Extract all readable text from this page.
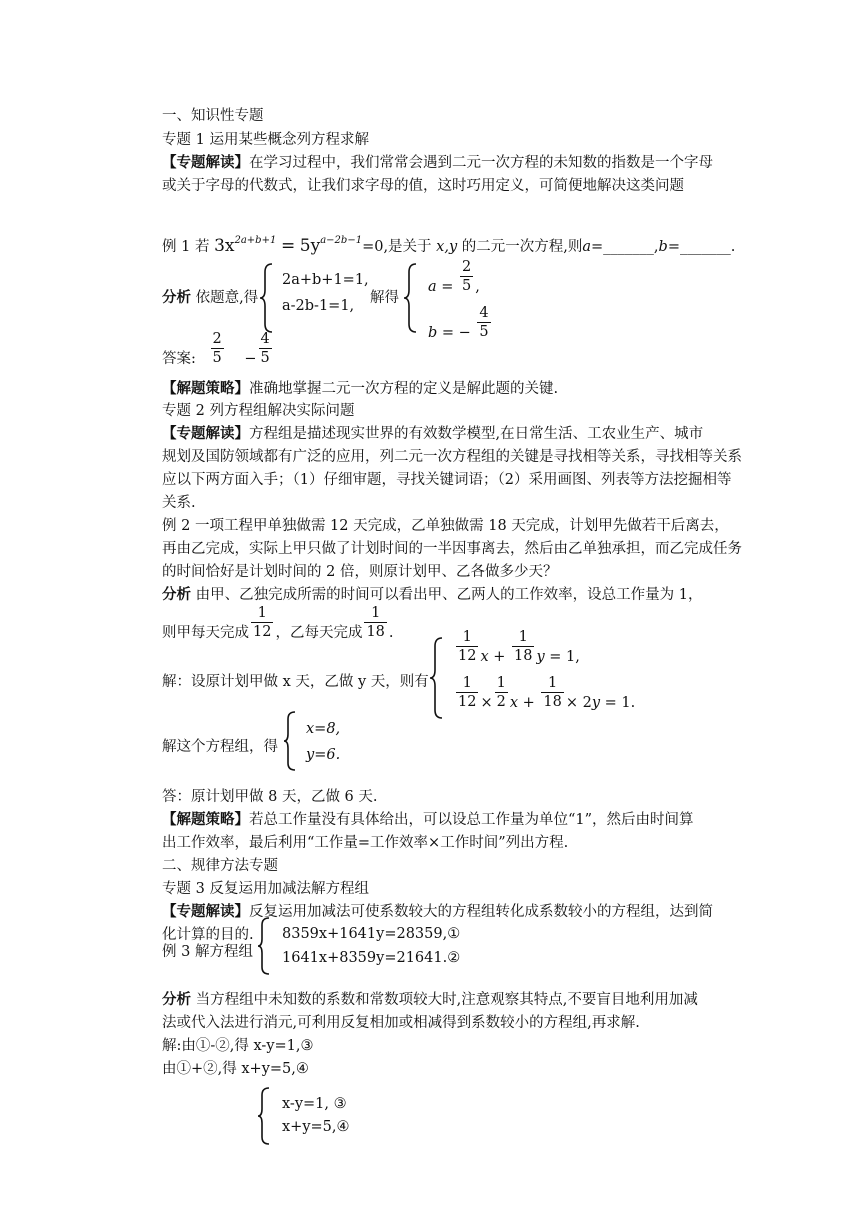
一、知识性专题
专题 1 运用某些概念列方程求解
【专题解读】在学习过程中，我们常常会遇到二元一次方程的未知数的指数是一个字母
或关于字母的代数式，让我们求字母的值，这时巧用定义，可简便地解决这类问题
例 1 若 $3x^{2a+b+1} = 5y^{a-2b-1}=0$,是关于 x,y 的二元一次方程,则a=_______,b=_______.
分析 依题意,得
2a+b+1=1,
a-2b-1=1, 解得
$a = \frac{2}{5}$ ,
b = − $\frac{4}{5}$
答案: $\frac{2}{5} - \frac{4}{5}$
【解题策略】准确地掌握二元一次方程的定义是解此题的关键.
专题 2 列方程组解决实际问题
【专题解读】方程组是描述现实世界的有效数学模型,在日常生活、工农业生产、城市
规划及国防领域都有广泛的应用，列二元一次方程组的关键是寻找相等关系，寻找相等关系
应以下两方面入手；（1）仔细审题，寻找关键词语；（2）采用画图、列表等方法挖掘相等
关系.
例 2 一项工程甲单独做需 12 天完成，乙单独做需 18 天完成，计划甲先做若干后离去，
再由乙完成，实际上甲只做了计划时间的一半因事离去，然后由乙单独承担，而乙完成任务
的时间恰好是计划时间的 2 倍，则原计划甲、乙各做多少天？
分析 由甲、乙独完成所需的时间可以看出甲、乙两人的工作效率，设总工作量为 1，
则甲每天完成 $\frac{1}{12}$ ，乙每天完成 $\frac{1}{18}$ .
解：设原计划甲做 x 天，乙做 y 天，则有
$\frac{1}{12}$ $x + \frac{1}{18}$ y = 1,
$\frac{1}{12} \times \frac{1}{2}$ $x + \frac{1}{18} \times 2y = 1$.
解这个方程组，得
x=8,
y=6.
答：原计划甲做 8 天，乙做 6 天.
【解题策略】若总工作量没有具体给出，可以设总工作量为单位“1”，然后由时间算
出工作效率，最后利用“工作量=工作效率×工作时间”列出方程.
二、规律方法专题
专题 3 反复运用加减法解方程组
【专题解读】反复运用加减法可使系数较大的方程组转化成系数较小的方程组，达到简
化计算的目的.
例 3 解方程组
8359x+1641y=28359,①
1641x+8359y=21641.②
分析 当方程组中未知数的系数和常数项较大时,注意观察其特点,不要盲目地利用加减
法或代入法进行消元,可利用反复相加或相减得到系数较小的方程组,再求解.
解:由①-②,得 x-y=1,③
由①+②,得 x+y=5,④
x-y=1, ③
x+y=5,④
